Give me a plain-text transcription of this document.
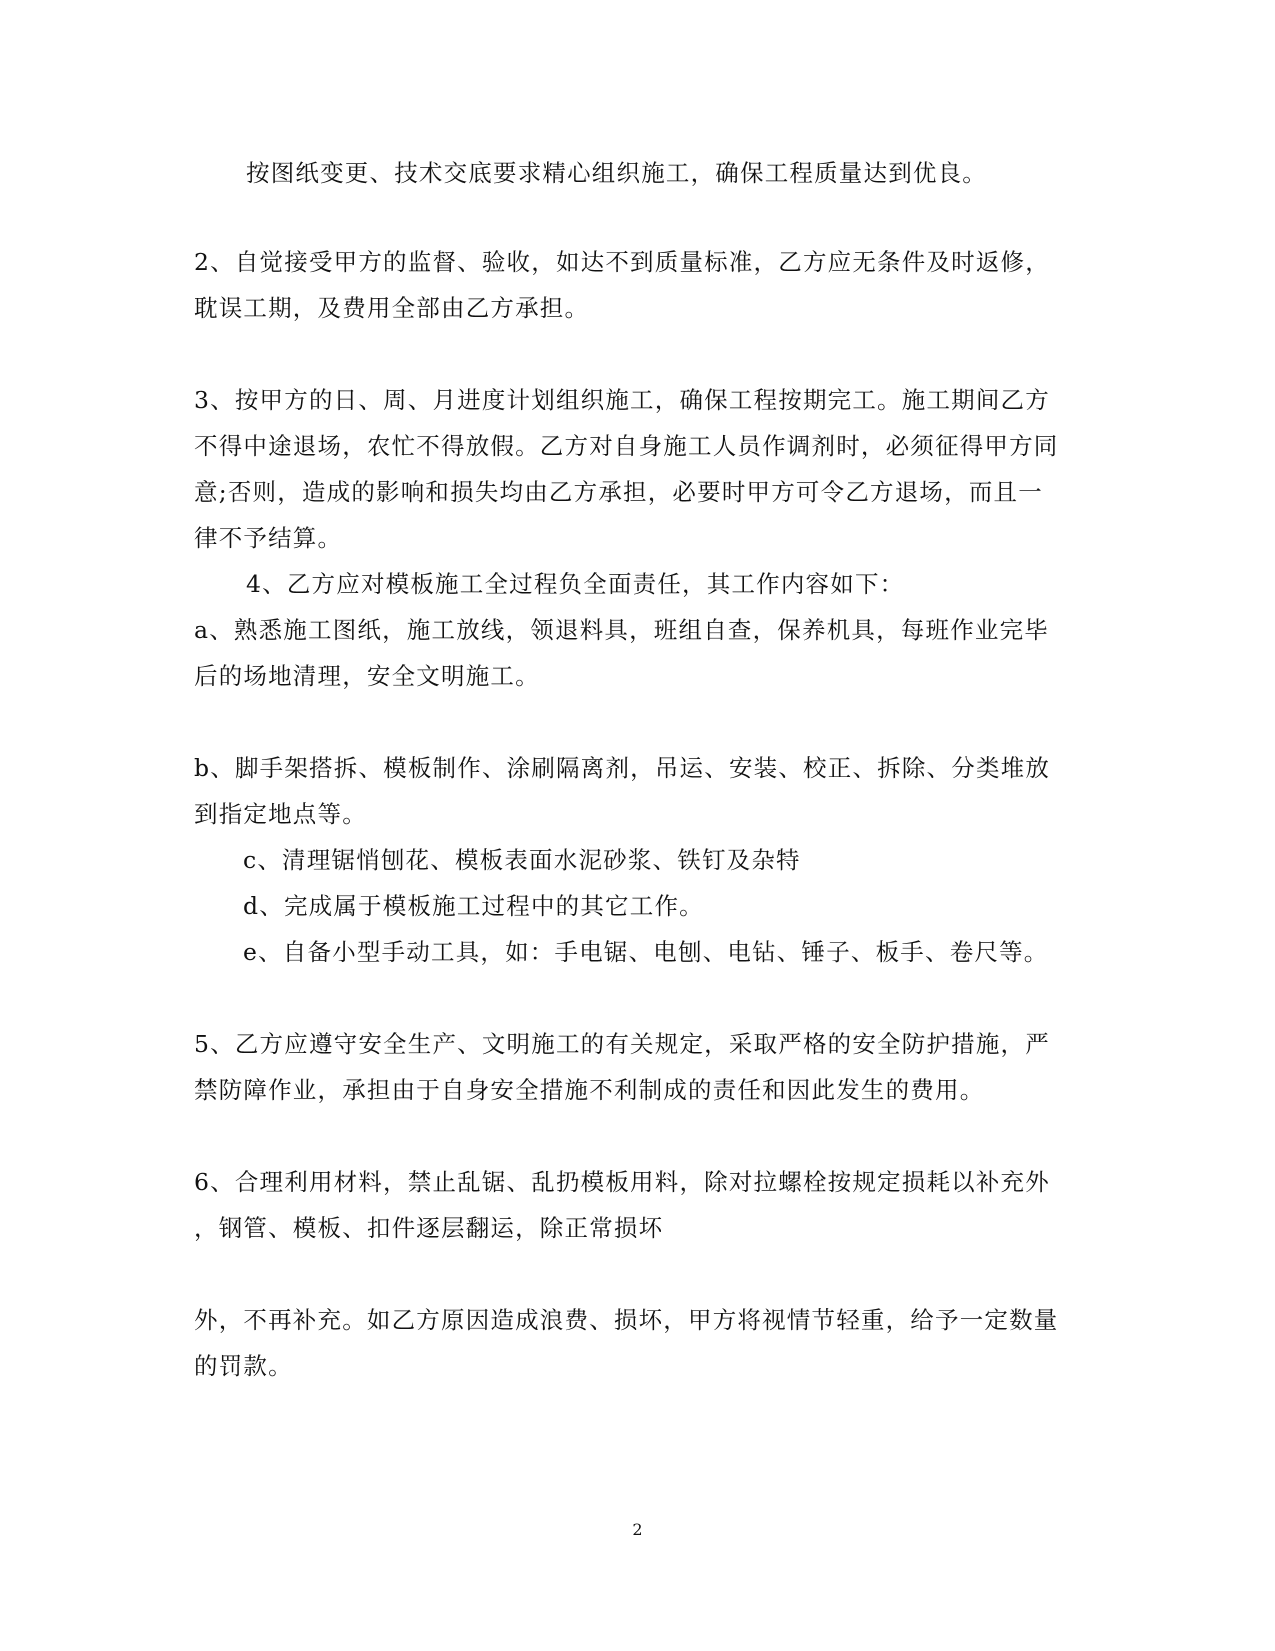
按图纸变更、技术交底要求精心组织施工，确保工程质量达到优良。
2、自觉接受甲方的监督、验收，如达不到质量标准，乙方应无条件及时返修，
耽误工期，及费用全部由乙方承担。
3、按甲方的日、周、月进度计划组织施工，确保工程按期完工。施工期间乙方
不得中途退场，农忙不得放假。乙方对自身施工人员作调剂时，必须征得甲方同
意;否则，造成的影响和损失均由乙方承担，必要时甲方可令乙方退场，而且一
律不予结算。
4、乙方应对模板施工全过程负全面责任，其工作内容如下：
a、熟悉施工图纸，施工放线，领退料具，班组自查，保养机具，每班作业完毕
后的场地清理，安全文明施工。
b、脚手架搭拆、模板制作、涂刷隔离剂，吊运、安装、校正、拆除、分类堆放
到指定地点等。
c、清理锯悄刨花、模板表面水泥砂浆、铁钉及杂特
d、完成属于模板施工过程中的其它工作。
e、自备小型手动工具，如：手电锯、电刨、电钻、锤子、板手、卷尺等。
5、乙方应遵守安全生产、文明施工的有关规定，采取严格的安全防护措施，严
禁防障作业，承担由于自身安全措施不利制成的责任和因此发生的费用。
6、合理利用材料，禁止乱锯、乱扔模板用料，除对拉螺栓按规定损耗以补充外
，钢管、模板、扣件逐层翻运，除正常损坏
外，不再补充。如乙方原因造成浪费、损坏，甲方将视情节轻重，给予一定数量
的罚款。
2
